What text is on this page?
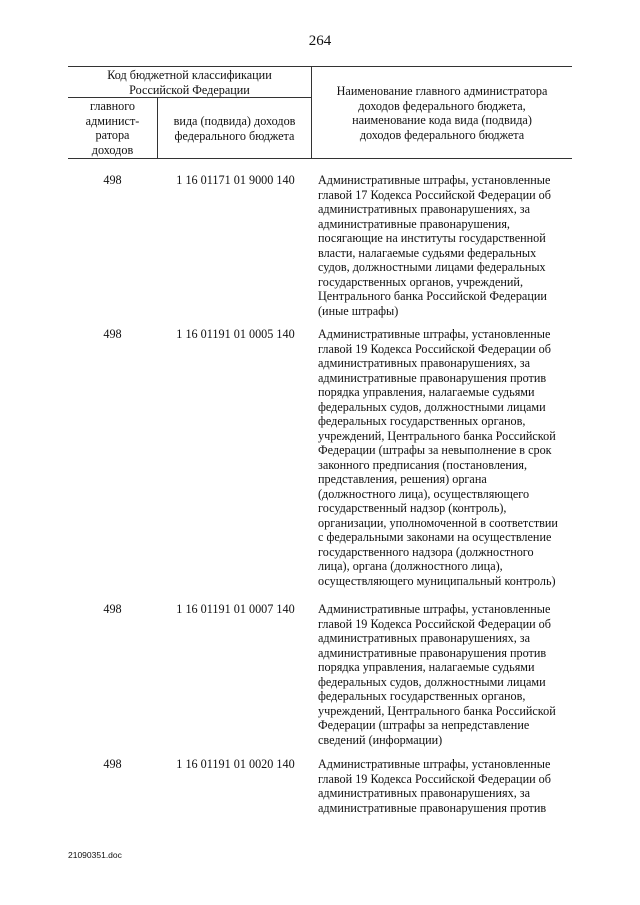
264
Код бюджетной классификации
Российской Федерации
главного
админист-
ратора
доходов
вида (подвида) доходов
федерального бюджета
Наименование главного администратора
доходов федерального бюджета,
наименование кода вида (подвида)
доходов федерального бюджета
498	1 16 01171 01 9000 140	Административные штрафы, установленные
главой 17 Кодекса Российской Федерации об
административных правонарушениях, за
административные правонарушения,
посягающие на институты государственной
власти, налагаемые судьями федеральных
судов, должностными лицами федеральных
государственных органов, учреждений,
Центрального банка Российской Федерации
(иные штрафы)
498	1 16 01191 01 0005 140	Административные штрафы, установленные
главой 19 Кодекса Российской Федерации об
административных правонарушениях, за
административные правонарушения против
порядка управления, налагаемые судьями
федеральных судов, должностными лицами
федеральных государственных органов,
учреждений, Центрального банка Российской
Федерации (штрафы за невыполнение в срок
законного предписания (постановления,
представления, решения) органа
(должностного лица), осуществляющего
государственный надзор (контроль),
организации, уполномоченной в соответствии
с федеральными законами на осуществление
государственного надзора (должностного
лица), органа (должностного лица),
осуществляющего муниципальный контроль)
498	1 16 01191 01 0007 140	Административные штрафы, установленные
главой 19 Кодекса Российской Федерации об
административных правонарушениях, за
административные правонарушения против
порядка управления, налагаемые судьями
федеральных судов, должностными лицами
федеральных государственных органов,
учреждений, Центрального банка Российской
Федерации (штрафы за непредставление
сведений (информации)
498	1 16 01191 01 0020 140	Административные штрафы, установленные
главой 19 Кодекса Российской Федерации об
административных правонарушениях, за
административные правонарушения против
21090351.doc
